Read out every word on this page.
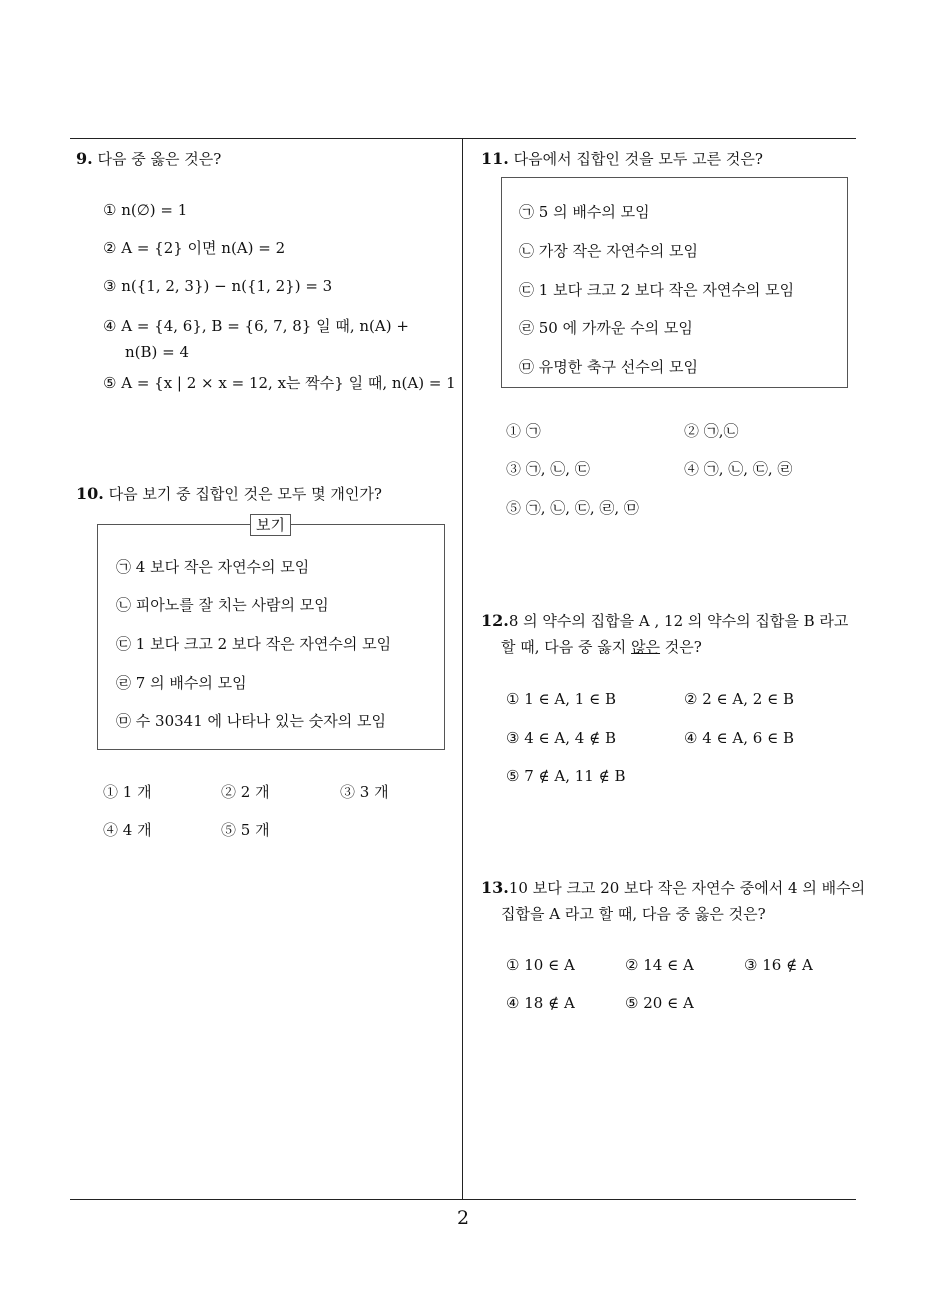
9. 다음 중 옳은 것은?
① n(∅) = 1
② A = {2} 이면 n(A) = 2
③ n({1, 2, 3}) − n({1, 2}) = 3
④ A = {4, 6}, B = {6, 7, 8} 일 때, n(A) +
n(B) = 4
⑤ A = {x | 2 × x = 12, x는 짝수} 일 때, n(A) = 1
10. 다음 보기 중 집합인 것은 모두 몇 개인가?
보기
㉠ 4 보다 작은 자연수의 모임
㉡ 피아노를 잘 치는 사람의 모임
㉢ 1 보다 크고 2 보다 작은 자연수의 모임
㉣ 7 의 배수의 모임
㉤ 수 30341 에 나타나 있는 숫자의 모임
① 1 개	② 2 개	③ 3 개
④ 4 개	⑤ 5 개
11. 다음에서 집합인 것을 모두 고른 것은?
㉠ 5 의 배수의 모임
㉡ 가장 작은 자연수의 모임
㉢ 1 보다 크고 2 보다 작은 자연수의 모임
㉣ 50 에 가까운 수의 모임
㉤ 유명한 축구 선수의 모임
① ㉠	② ㉠,㉡
③ ㉠, ㉡, ㉢	④ ㉠, ㉡, ㉢, ㉣
⑤ ㉠, ㉡, ㉢, ㉣, ㉤
12.8 의 약수의 집합을 A , 12 의 약수의 집합을 B 라고
할 때, 다음 중 옳지 않은 것은?
① 1 ∈ A, 1 ∈ B	② 2 ∈ A, 2 ∈ B
③ 4 ∈ A, 4 ∉ B	④ 4 ∈ A, 6 ∈ B
⑤ 7 ∉ A, 11 ∉ B
13.10 보다 크고 20 보다 작은 자연수 중에서 4 의 배수의
집합을 A 라고 할 때, 다음 중 옳은 것은?
① 10 ∈ A	② 14 ∈ A	③ 16 ∉ A
④ 18 ∉ A	⑤ 20 ∈ A
2
